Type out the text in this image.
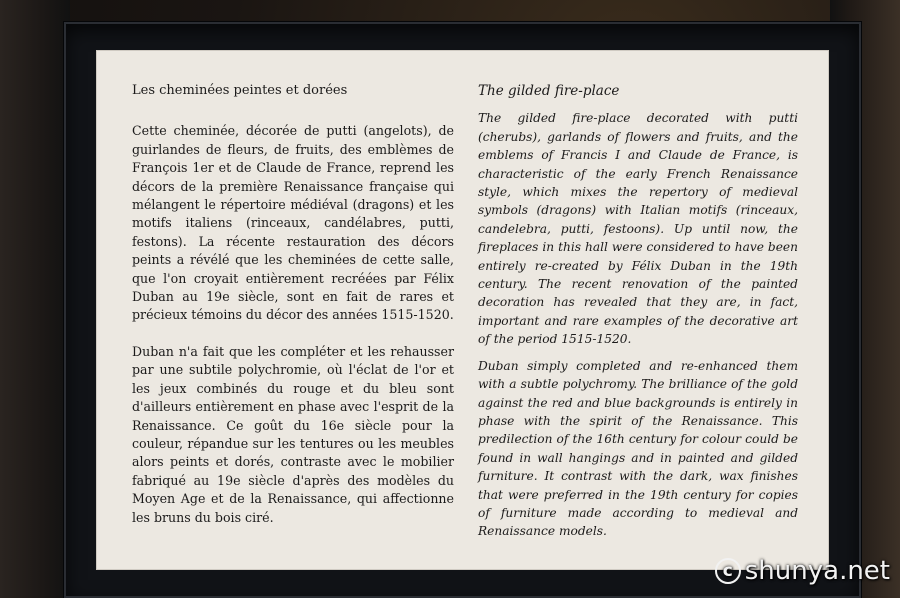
Les cheminées peintes et dorées

Cette cheminée, décorée de putti (angelots), de guirlandes de fleurs, de fruits, des emblèmes de François 1er et de Claude de France, reprend les décors de la première Renaissance française qui mélangent le répertoire médiéval (dragons) et les motifs italiens (rinceaux, candélabres, putti, festons). La récente restauration des décors peints a révélé que les cheminées de cette salle, que l'on croyait entièrement recréées par Félix Duban au 19e siècle, sont en fait de rares et précieux témoins du décor des années 1515-1520.

Duban n'a fait que les compléter et les rehausser par une subtile polychromie, où l'éclat de l'or et les jeux combinés du rouge et du bleu sont d'ailleurs entièrement en phase avec l'esprit de la Renaissance. Ce goût du 16e siècle pour la couleur, répandue sur les tentures ou les meubles alors peints et dorés, contraste avec le mobilier fabriqué au 19e siècle d'après des modèles du Moyen Age et de la Renaissance, qui affectionne les bruns du bois ciré.

The gilded fire-place

The gilded fire-place decorated with putti (cherubs), garlands of flowers and fruits, and the emblems of Francis I and Claude de France, is characteristic of the early French Renaissance style, which mixes the repertory of medieval symbols (dragons) with Italian motifs (rinceaux, candelebra, putti, festoons). Up until now, the fireplaces in this hall were considered to have been entirely re-created by Félix Duban in the 19th century. The recent renovation of the painted decoration has revealed that they are, in fact, important and rare examples of the decorative art of the period 1515-1520.

Duban simply completed and re-enhanced them with a subtle polychromy. The brilliance of the gold against the red and blue backgrounds is entirely in phase with the spirit of the Renaissance. This predilection of the 16th century for colour could be found in wall hangings and in painted and gilded furniture. It contrast with the dark, wax finishes that were preferred in the 19th century for copies of furniture made according to medieval and Renaissance models.

c shunya.net
